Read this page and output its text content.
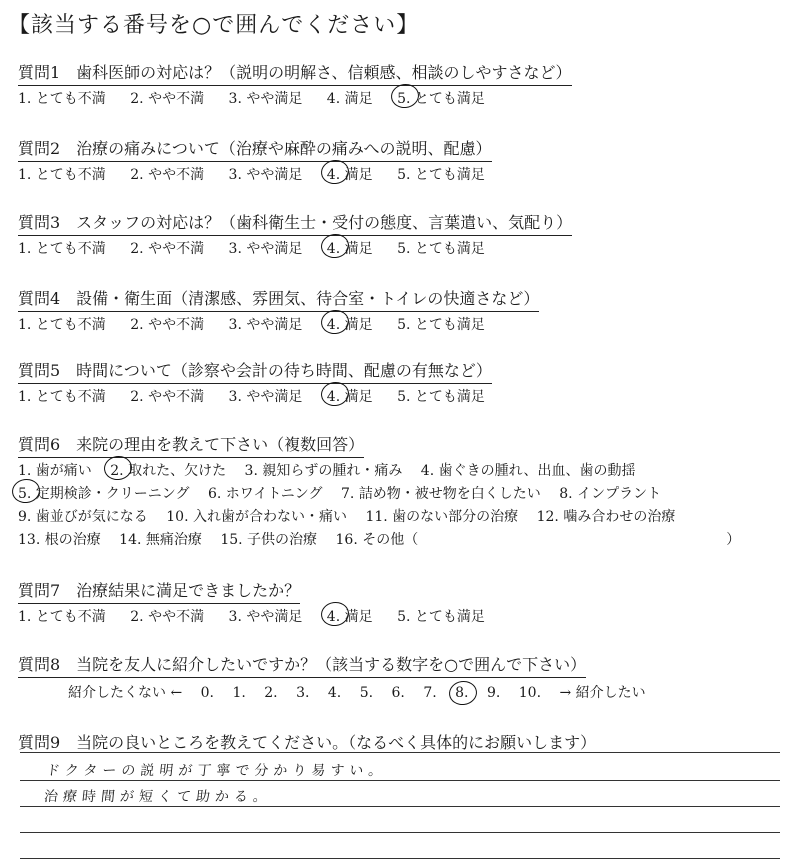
【該当する番号を○で囲んでください】
質問1　歯科医師の対応は？（説明の明解さ、信頼感、相談のしやすさなど）
1. とても不満 2. やや不満 3. やや満足 4. 満足 5. とても満足
質問2　治療の痛みについて（治療や麻酔の痛みへの説明、配慮）
1. とても不満 2. やや不満 3. やや満足 4. 満足 5. とても満足
質問3　スタッフの対応は？（歯科衛生士・受付の態度、言葉遣い、気配り）
1. とても不満 2. やや不満 3. やや満足 4. 満足 5. とても満足
質問4　設備・衛生面（清潔感、雰囲気、待合室・トイレの快適さなど）
1. とても不満 2. やや不満 3. やや満足 4. 満足 5. とても満足
質問5　時間について（診察や会計の待ち時間、配慮の有無など）
1. とても不満 2. やや不満 3. やや満足 4. 満足 5. とても満足
質問6　来院の理由を教えて下さい（複数回答）
1. 歯が痛い 2. 取れた、欠けた 3. 親知らずの腫れ・痛み 4. 歯ぐきの腫れ、出血、歯の動揺
5. 定期検診・クリーニング 6. ホワイトニング 7. 詰め物・被せ物を白くしたい 8. インプラント
9. 歯並びが気になる 10. 入れ歯が合わない・痛い 11. 歯のない部分の治療 12. 噛み合わせの治療
13. 根の治療 14. 無痛治療 15. 子供の治療 16. その他（　　　　　　　　　　　　　　　　　　　　　　）
質問7　治療結果に満足できましたか？
1. とても不満 2. やや不満 3. やや満足 4. 満足 5. とても満足
質問8　当院を友人に紹介したいですか？（該当する数字を○で囲んで下さい）
紹介したくない ← 0. 1. 2. 3. 4. 5. 6. 7. 8. 9. 10. → 紹介したい
質問9　当院の良いところを教えてください。（なるべく具体的にお願いします）
ドクターの説明が丁寧で分かり易すい。
治療時間が短くて助かる。
